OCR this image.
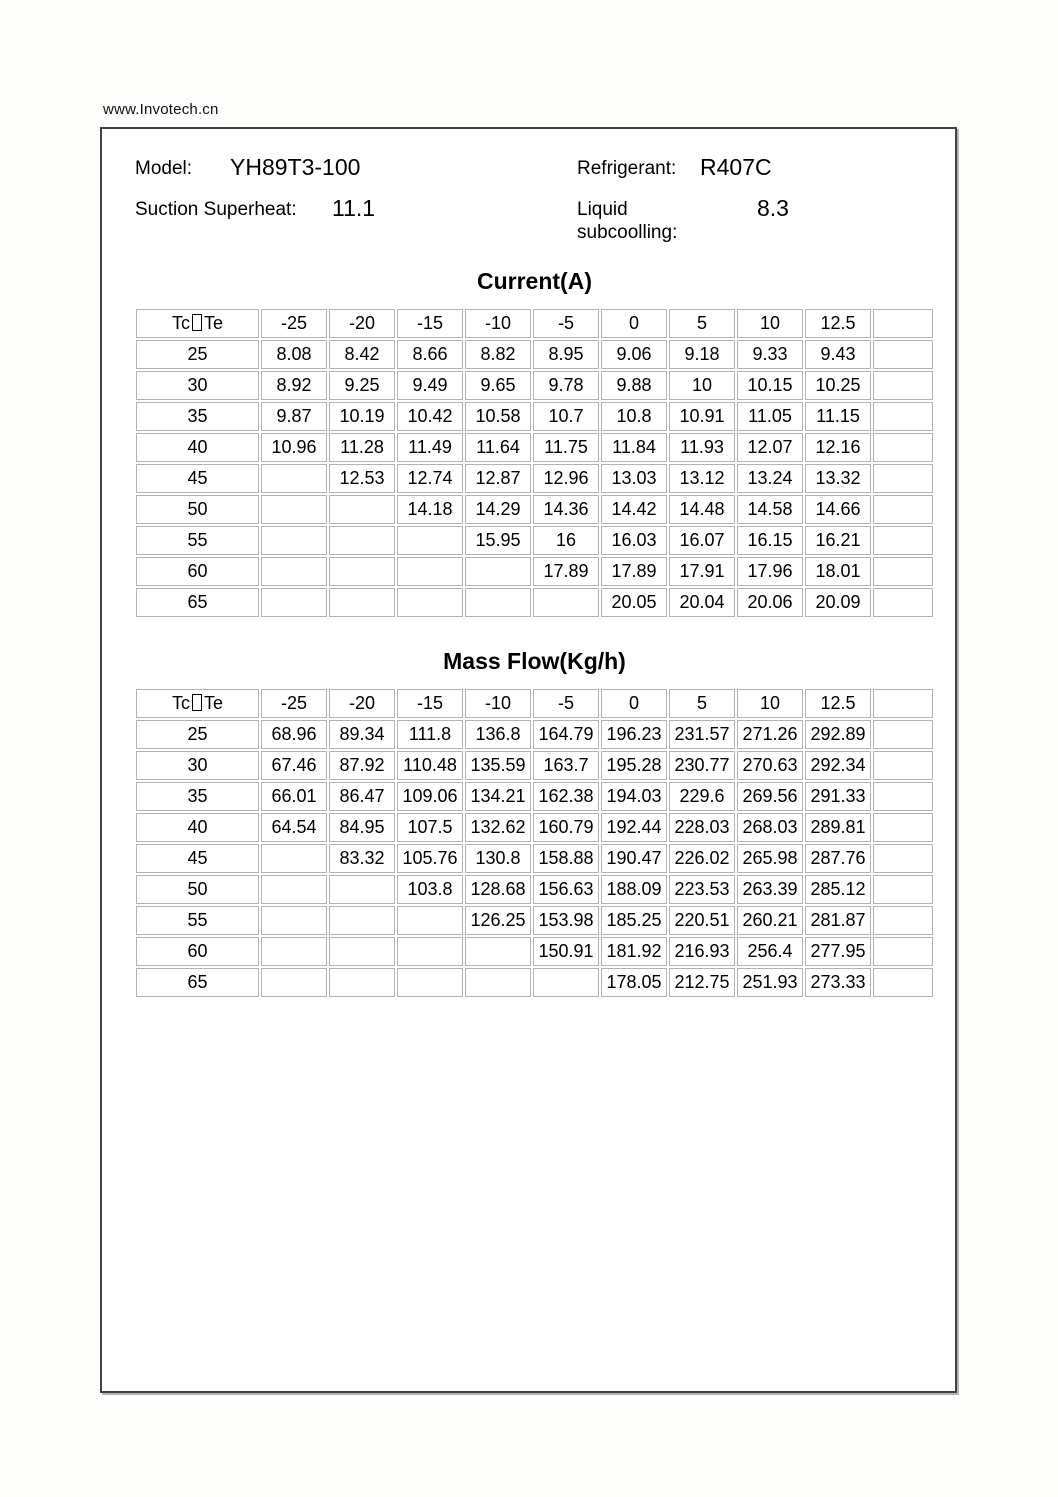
www.Invotech.cn
Model: YH89T3-100	Refrigerant: R407C
Suction Superheat: 11.1	Liquid subcoolling:
8.3
Current(A)
Tc Te	-25	-20	-15	-10	-5	0	5	10	12.5	
25	8.08	8.42	8.66	8.82	8.95	9.06	9.18	9.33	9.43	
30	8.92	9.25	9.49	9.65	9.78	9.88	10	10.15	10.25	
35	9.87	10.19	10.42	10.58	10.7	10.8	10.91	11.05	11.15	
40	10.96	11.28	11.49	11.64	11.75	11.84	11.93	12.07	12.16	
45		12.53	12.74	12.87	12.96	13.03	13.12	13.24	13.32	
50			14.18	14.29	14.36	14.42	14.48	14.58	14.66	
55				15.95	16	16.03	16.07	16.15	16.21	
60					17.89	17.89	17.91	17.96	18.01	
65						20.05	20.04	20.06	20.09	
Mass Flow(Kg/h)
Tc Te	-25	-20	-15	-10	-5	0	5	10	12.5	
25	68.96	89.34	111.8	136.8	164.79	196.23	231.57	271.26	292.89	
30	67.46	87.92	110.48	135.59	163.7	195.28	230.77	270.63	292.34	
35	66.01	86.47	109.06	134.21	162.38	194.03	229.6	269.56	291.33	
40	64.54	84.95	107.5	132.62	160.79	192.44	228.03	268.03	289.81	
45		83.32	105.76	130.8	158.88	190.47	226.02	265.98	287.76	
50			103.8	128.68	156.63	188.09	223.53	263.39	285.12	
55				126.25	153.98	185.25	220.51	260.21	281.87	
60					150.91	181.92	216.93	256.4	277.95	
65						178.05	212.75	251.93	273.33	
